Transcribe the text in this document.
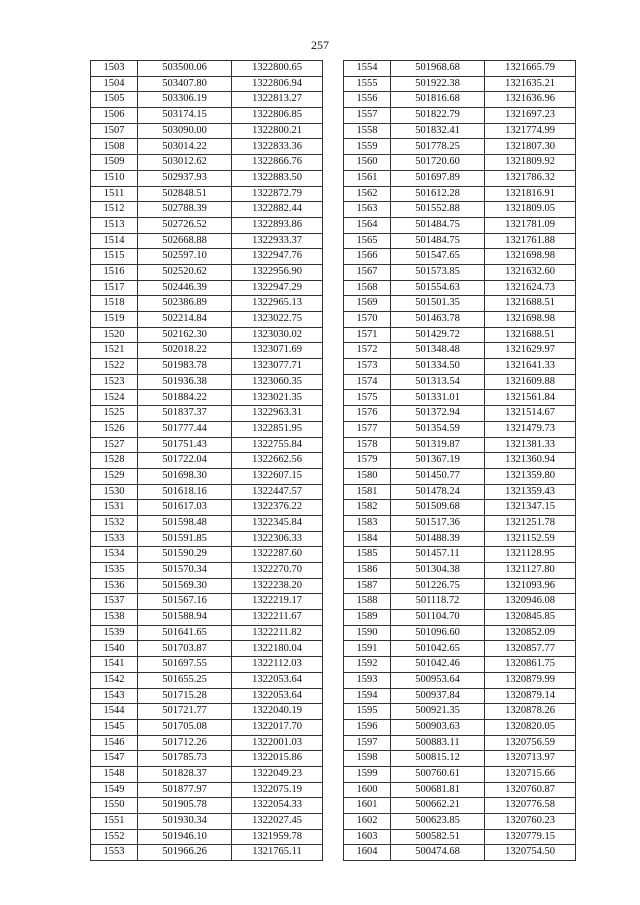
257
1503	503500.06	1322800.65
1504	503407.80	1322806.94
1505	503306.19	1322813.27
1506	503174.15	1322806.85
1507	503090.00	1322800.21
1508	503014.22	1322833.36
1509	503012.62	1322866.76
1510	502937.93	1322883.50
1511	502848.51	1322872.79
1512	502788.39	1322882.44
1513	502726.52	1322893.86
1514	502668.88	1322933.37
1515	502597.10	1322947.76
1516	502520.62	1322956.90
1517	502446.39	1322947.29
1518	502386.89	1322965.13
1519	502214.84	1323022.75
1520	502162.30	1323030.02
1521	502018.22	1323071.69
1522	501983.78	1323077.71
1523	501936.38	1323060.35
1524	501884.22	1323021.35
1525	501837.37	1322963.31
1526	501777.44	1322851.95
1527	501751.43	1322755.84
1528	501722.04	1322662.56
1529	501698.30	1322607.15
1530	501618.16	1322447.57
1531	501617.03	1322376.22
1532	501598.48	1322345.84
1533	501591.85	1322306.33
1534	501590.29	1322287.60
1535	501570.34	1322270.70
1536	501569.30	1322238.20
1537	501567.16	1322219.17
1538	501588.94	1322211.67
1539	501641.65	1322211.82
1540	501703.87	1322180.04
1541	501697.55	1322112.03
1542	501655.25	1322053.64
1543	501715.28	1322053.64
1544	501721.77	1322040.19
1545	501705.08	1322017.70
1546	501712.26	1322001.03
1547	501785.73	1322015.86
1548	501828.37	1322049.23
1549	501877.97	1322075.19
1550	501905.78	1322054.33
1551	501930.34	1322027.45
1552	501946.10	1321959.78
1553	501966.26	1321765.11
1554	501968.68	1321665.79
1555	501922.38	1321635.21
1556	501816.68	1321636.96
1557	501822.79	1321697.23
1558	501832.41	1321774.99
1559	501778.25	1321807.30
1560	501720.60	1321809.92
1561	501697.89	1321786.32
1562	501612.28	1321816.91
1563	501552.88	1321809.05
1564	501484.75	1321781.09
1565	501484.75	1321761.88
1566	501547.65	1321698.98
1567	501573.85	1321632.60
1568	501554.63	1321624.73
1569	501501.35	1321688.51
1570	501463.78	1321698.98
1571	501429.72	1321688.51
1572	501348.48	1321629.97
1573	501334.50	1321641.33
1574	501313.54	1321609.88
1575	501331.01	1321561.84
1576	501372.94	1321514.67
1577	501354.59	1321479.73
1578	501319.87	1321381.33
1579	501367.19	1321360.94
1580	501450.77	1321359.80
1581	501478.24	1321359.43
1582	501509.68	1321347.15
1583	501517.36	1321251.78
1584	501488.39	1321152.59
1585	501457.11	1321128.95
1586	501304.38	1321127.80
1587	501226.75	1321093.96
1588	501118.72	1320946.08
1589	501104.70	1320845.85
1590	501096.60	1320852.09
1591	501042.65	1320857.77
1592	501042.46	1320861.75
1593	500953.64	1320879.99
1594	500937.84	1320879.14
1595	500921.35	1320878.26
1596	500903.63	1320820.05
1597	500883.11	1320756.59
1598	500815.12	1320713.97
1599	500760.61	1320715.66
1600	500681.81	1320760.87
1601	500662.21	1320776.58
1602	500623.85	1320760.23
1603	500582.51	1320779.15
1604	500474.68	1320754.50
